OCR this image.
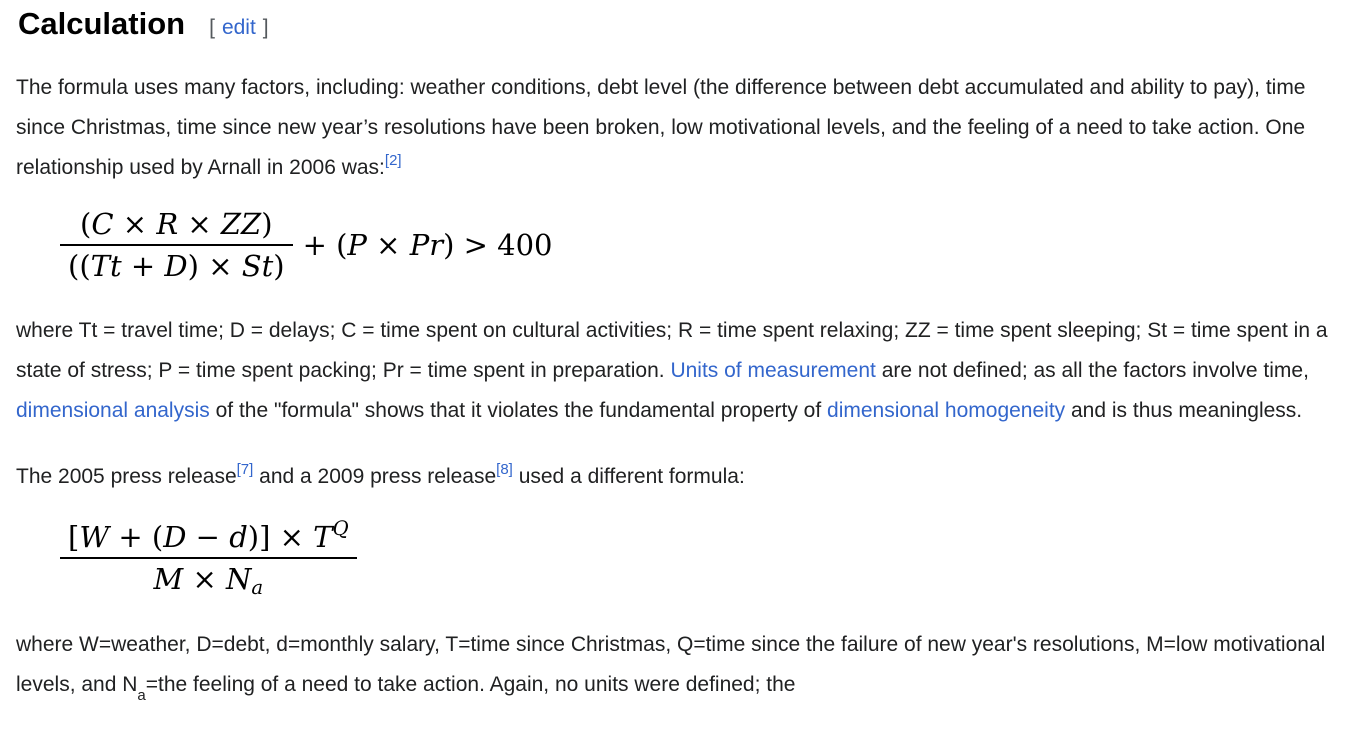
Calculation [ edit ]

The formula uses many factors, including: weather conditions, debt level (the difference between debt accumulated and ability to pay), time since Christmas, time since new year’s resolutions have been broken, low motivational levels, and the feeling of a need to take action. One relationship used by Arnall in 2006 was:[2]

$\frac{(C \times R \times ZZ)}{((Tt + D) \times St)} + (P \times Pr) > 400$

where Tt = travel time; D = delays; C = time spent on cultural activities; R = time spent relaxing; ZZ = time spent sleeping; St = time spent in a state of stress; P = time spent packing; Pr = time spent in preparation. Units of measurement are not defined; as all the factors involve time, dimensional analysis of the "formula" shows that it violates the fundamental property of dimensional homogeneity and is thus meaningless.

The 2005 press release[7] and a 2009 press release[8] used a different formula:

$\frac{[W + (D - d)] \times T^Q}{M \times Na}$

where W=weather, D=debt, d=monthly salary, T=time since Christmas, Q=time since the failure of new year's resolutions, M=low motivational levels, and $N_a=the$ feeling of a need to take action. Again, no units were defined; the
